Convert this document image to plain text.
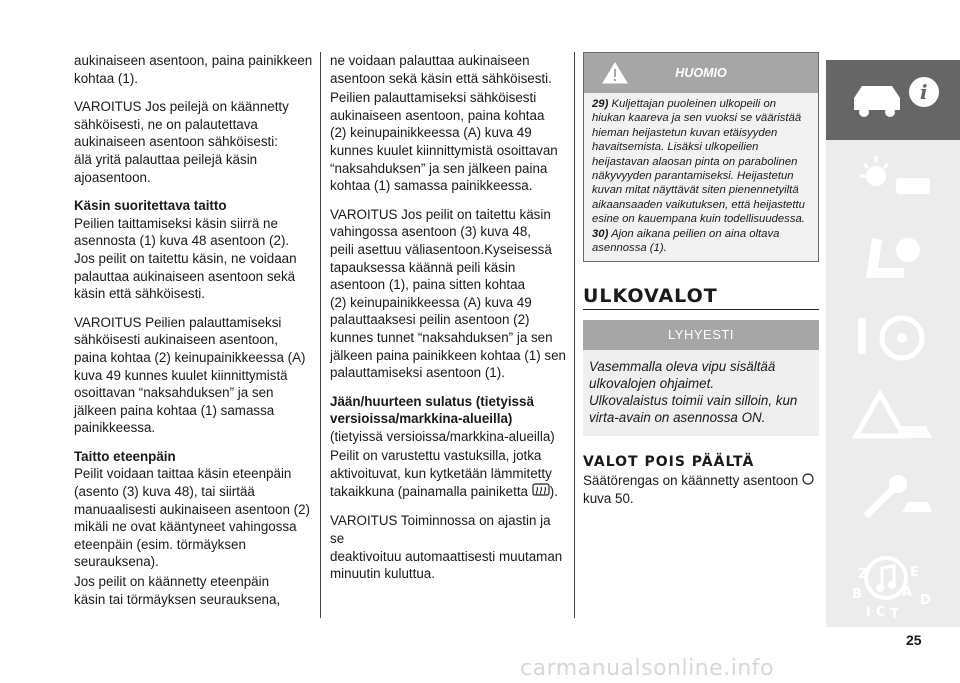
aukinaiseen asentoon, paina painikkeen
kohtaa (1).

VAROITUS Jos peilejä on käännetty
sähköisesti, ne on palautettava
aukinaiseen asentoon sähköisesti:
älä yritä palauttaa peilejä käsin
ajoasentoon.

Käsin suoritettava taitto

Peilien taittamiseksi käsin siirrä ne
asennosta (1) kuva 48 asentoon (2).
Jos peilit on taitettu käsin, ne voidaan
palauttaa aukinaiseen asentoon sekä
käsin että sähköisesti.

VAROITUS Peilien palauttamiseksi
sähköisesti aukinaiseen asentoon,
paina kohtaa (2) keinupainikkeessa (A)
kuva 49 kunnes kuulet kiinnittymistä
osoittavan “naksahduksen” ja sen
jälkeen paina kohtaa (1) samassa
painikkeessa.

Taitto eteenpäin

Peilit voidaan taittaa käsin eteenpäin
(asento (3) kuva 48), tai siirtää
manuaalisesti aukinaiseen asentoon (2)
mikäli ne ovat kääntyneet vahingossa
eteenpäin (esim. törmäyksen
seurauksena).

Jos peilit on käännetty eteenpäin
käsin tai törmäyksen seurauksena,

ne voidaan palauttaa aukinaiseen
asentoon sekä käsin että sähköisesti.

Peilien palauttamiseksi sähköisesti
aukinaiseen asentoon, paina kohtaa
(2) keinupainikkeessa (A) kuva 49
kunnes kuulet kiinnittymistä osoittavan
“naksahduksen” ja sen jälkeen paina
kohtaa (1) samassa painikkeessa.

VAROITUS Jos peilit on taitettu käsin
vahingossa asentoon (3) kuva 48,
peili asettuu väliasentoon.Kyseisessä
tapauksessa käännä peili käsin
asentoon (1), paina sitten kohtaa
(2) keinupainikkeessa (A) kuva 49
palauttaaksesi peilin asentoon (2)
kunnes tunnet “naksahduksen” ja sen
jälkeen paina painikkeen kohtaa (1) sen
palauttamiseksi asentoon (1).

Jään/huurteen sulatus (tietyissä
versioissa/markkina-alueilla)

(tietyissä versioissa/markkina-alueilla)

Peilit on varustettu vastuksilla, jotka
aktivoituvat, kun kytketään lämmitetty
takaikkuna (painamalla painiketta ).

VAROITUS Toiminnossa on ajastin ja se
deaktivoituu automaattisesti muutaman
minuutin kuluttua.

HUOMIO

29) Kuljettajan puoleinen ulkopeili on hiukan kaareva ja sen vuoksi se vääristää hieman heijastetun kuvan etäisyyden havaitsemista. Lisäksi ulkopeilien heijastavan alaosan pinta on parabolinen näkyvyyden parantamiseksi. Heijastetun kuvan mitat näyttävät siten pienennetyiltä aikaansaaden vaikutuksen, että heijastettu esine on kauempana kuin todellisuudessa.

30) Ajon aikana peilien on aina oltava asennossa (1).

ULKOVALOT
LYHYESTI

Vasemmalla oleva vipu sisältää ulkovalojen ohjaimet.

Ulkovalaistus toimii vain silloin, kun virta-avain on asennossa ON.

VALOT POIS PÄÄLTÄ

Säätörengas on käännetty asentoon

kuva 50.

i
Z	E
B	A
I C T
D
25
carmanualsonline.info
